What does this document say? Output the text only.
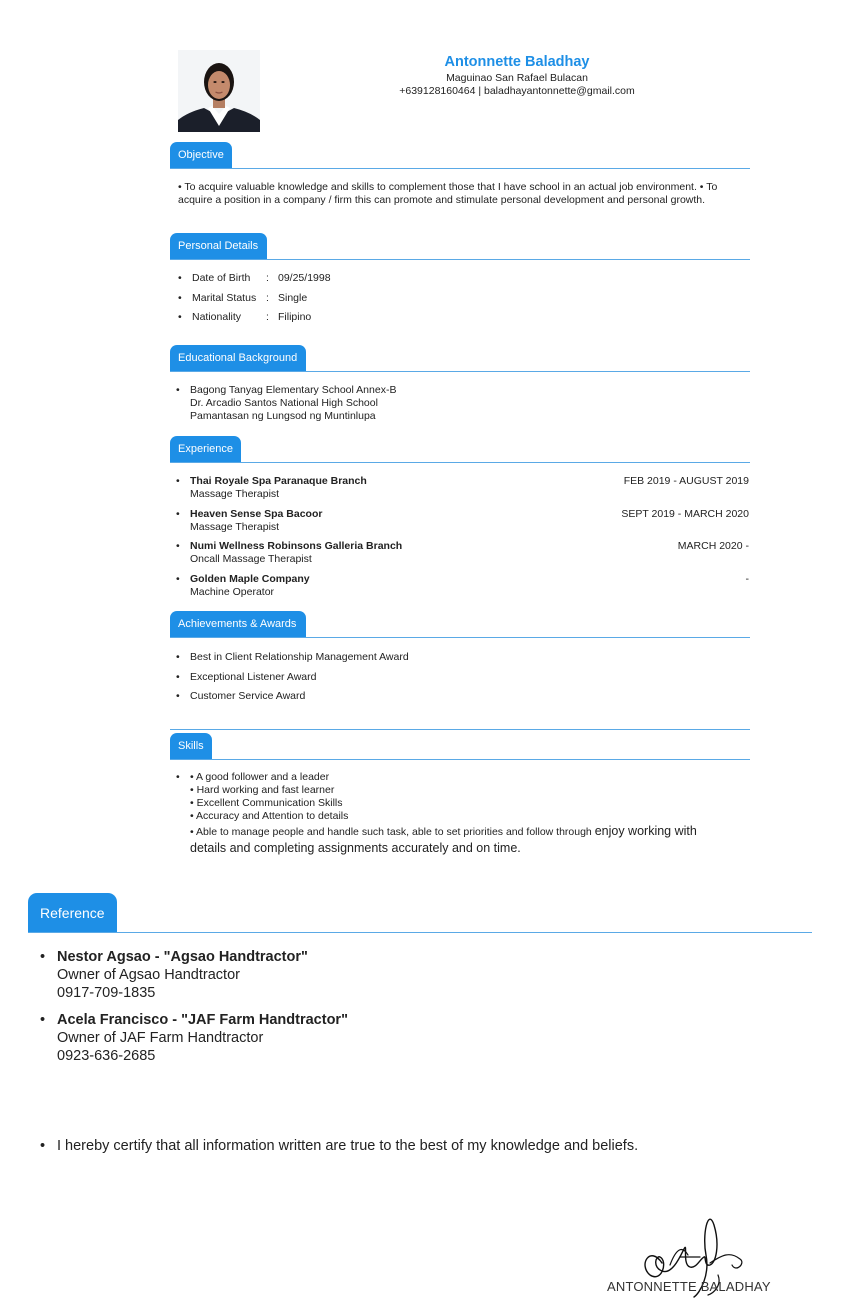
Antonnette Baladhay
Maguinao San Rafael Bulacan
+639128160464 | baladhayantonnette@gmail.com
Objective
• To acquire valuable knowledge and skills to complement those that I have school in an actual job environment. • To acquire a position in a company / firm this can promote and stimulate personal development and personal growth.
Personal Details
• Date of Birth : 09/25/1998
• Marital Status : Single
• Nationality : Filipino
Educational Background
• Bagong Tanyag Elementary School Annex-B
Dr. Arcadio Santos National High School
Pamantasan ng Lungsod ng Muntinlupa
Experience
• Thai Royale Spa Paranaque Branch
Massage Therapist
FEB 2019 - AUGUST 2019
• Heaven Sense Spa Bacoor
Massage Therapist
SEPT 2019 - MARCH 2020
• Numi Wellness Robinsons Galleria Branch
Oncall Massage Therapist
MARCH 2020 -
• Golden Maple Company
Machine Operator
-
Achievements & Awards
• Best in Client Relationship Management Award
• Exceptional Listener Award
• Customer Service Award
Skills
• • A good follower and a leader
• Hard working and fast learner
• Excellent Communication Skills
• Accuracy and Attention to details
• Able to manage people and handle such task, able to set priorities and follow through enjoy working with
details and completing assignments accurately and on time.
Reference
• Nestor Agsao - "Agsao Handtractor"
Owner of Agsao Handtractor
0917-709-1835
• Acela Francisco - "JAF Farm Handtractor"
Owner of JAF Farm Handtractor
0923-636-2685
• I hereby certify that all information written are true to the best of my knowledge and beliefs.
ANTONNETTE BALADHAY
